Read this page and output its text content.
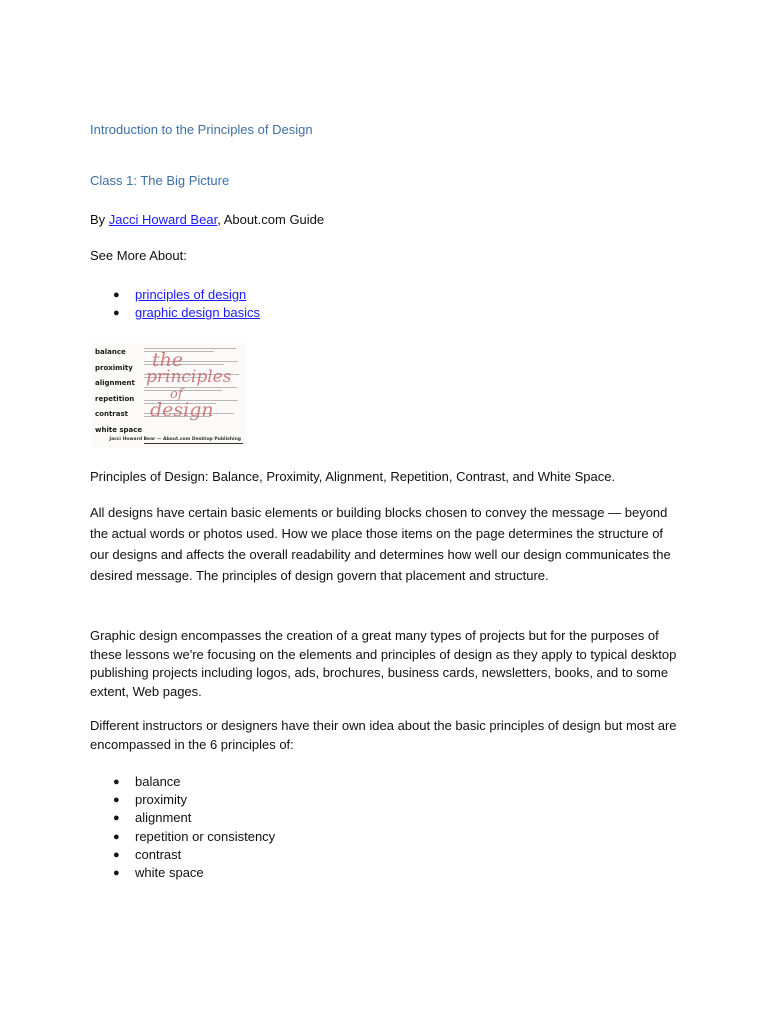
Introduction to the Principles of Design

Class 1: The Big Picture

By Jacci Howard Bear, About.com Guide

See More About:

● principles of design
● graphic design basics
balance
proximity
alignment
repetition
contrast
white space
the
principles
of
design
Jacci Howard Bear — About.com Desktop Publishing

Principles of Design: Balance, Proximity, Alignment, Repetition, Contrast, and White Space.

All designs have certain basic elements or building blocks chosen to convey the message — beyond the actual words or photos used. How we place those items on the page determines the structure of our designs and affects the overall readability and determines how well our design communicates the desired message. The principles of design govern that placement and structure.

Graphic design encompasses the creation of a great many types of projects but for the purposes of these lessons we're focusing on the elements and principles of design as they apply to typical desktop publishing projects including logos, ads, brochures, business cards, newsletters, books, and to some extent, Web pages.

Different instructors or designers have their own idea about the basic principles of design but most are encompassed in the 6 principles of:

● balance
● proximity
● alignment
● repetition or consistency
● contrast
● white space
